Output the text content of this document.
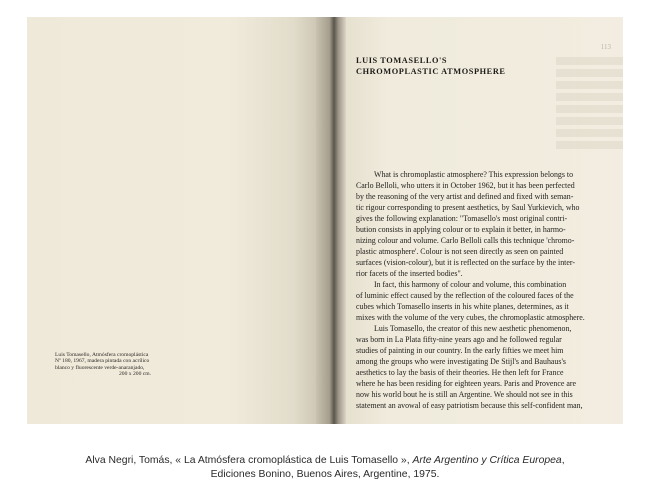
Luis Tomasello, Atmósfera cromoplástica
Nº 180, 1967, madera pintada con acrílico
blanco y fluorescente verde-anaranjado,
200 x 200 cm.
113
LUIS TOMASELLO'S
CHROMOPLASTIC ATMOSPHERE
What is chromoplastic atmosphere? This expression belongs to
Carlo Belloli, who utters it in October 1962, but it has been perfected
by the reasoning of the very artist and defined and fixed with seman-
tic rigour corresponding to present aesthetics, by Saul Yurkievich, who
gives the following explanation: "Tomasello's most original contri-
bution consists in applying colour or to explain it better, in harmo-
nizing colour and volume. Carlo Belloli calls this technique 'chromo-
plastic atmosphere'. Colour is not seen directly as seen on painted
surfaces (vision-colour), but it is reflected on the surface by the inter-
rior facets of the inserted bodies".
In fact, this harmony of colour and volume, this combination
of luminic effect caused by the reflection of the coloured faces of the
cubes which Tomasello inserts in his white planes, determines, as it
mixes with the volume of the very cubes, the chromoplastic atmosphere.
Luis Tomasello, the creator of this new aesthetic phenomenon,
was born in La Plata fifty-nine years ago and he followed regular
studies of painting in our country. In the early fifties we meet him
among the groups who were investigating De Stijl's and Bauhaus's
aesthetics to lay the basis of their theories. He then left for France
where he has been residing for eighteen years. Paris and Provence are
now his world bout he is still an Argentine. We should not see in this
statement an avowal of easy patriotism because this self-confident man,
Alva Negri, Tomás, « La Atmósfera cromoplástica de Luis Tomasello », Arte Argentino y Crítica Europea,
Ediciones Bonino, Buenos Aires, Argentine, 1975.
